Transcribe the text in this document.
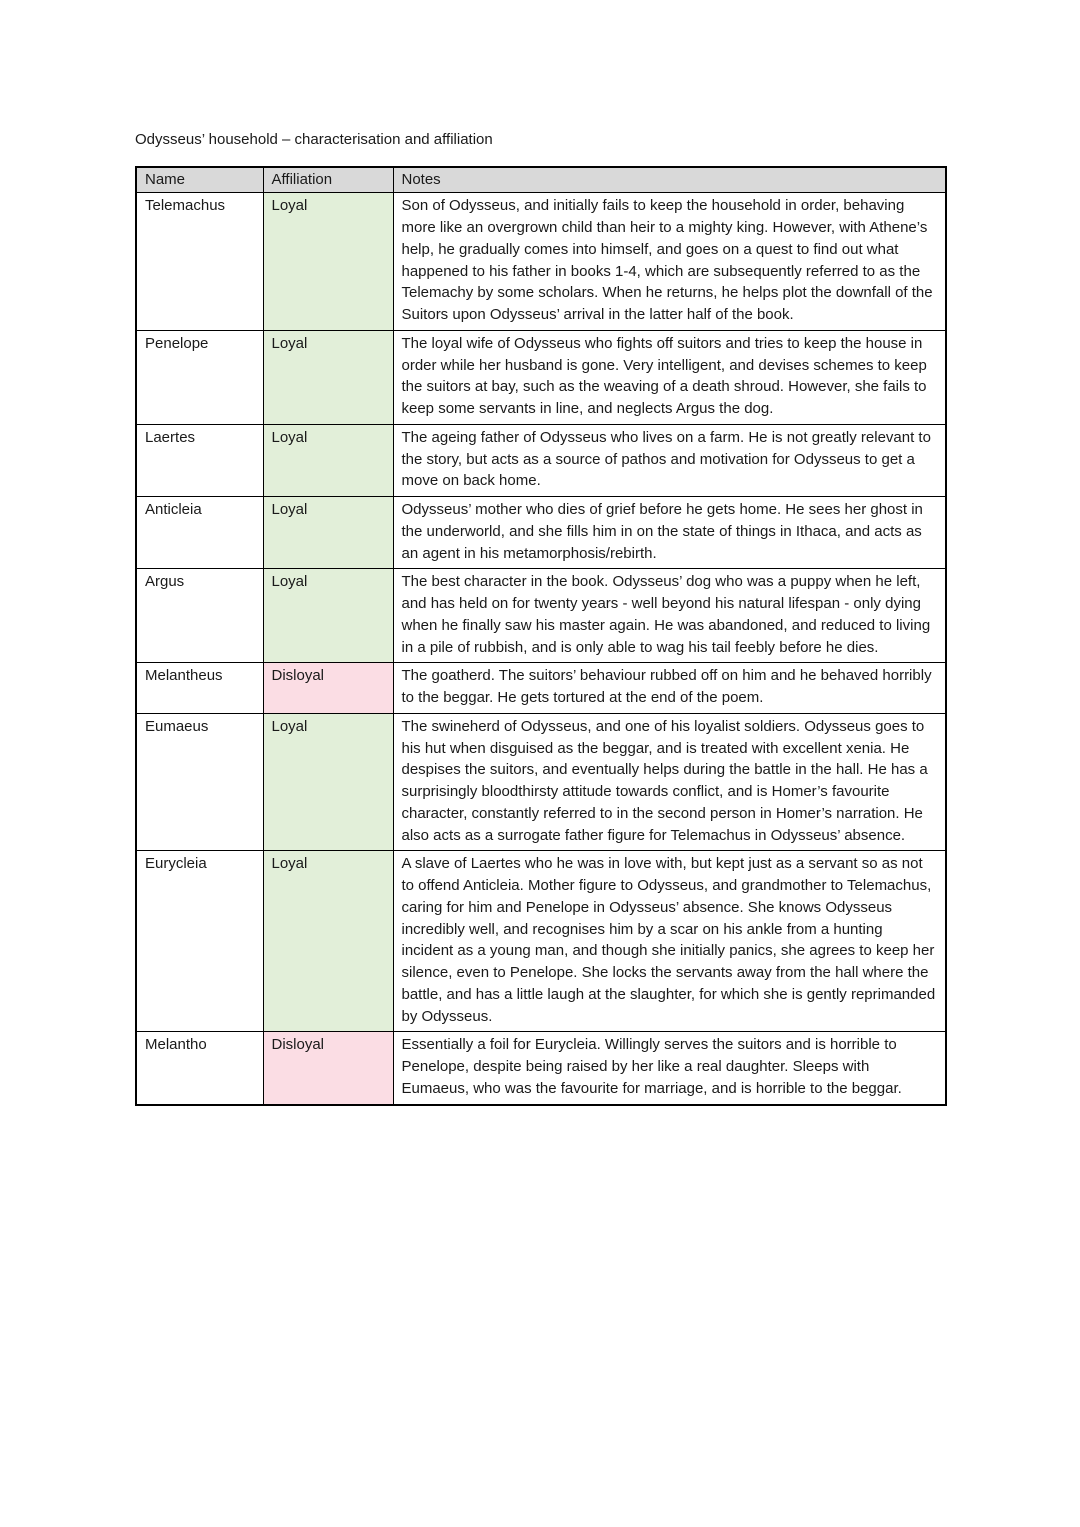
Odysseus’ household – characterisation and affiliation
Name	Affiliation	Notes
Telemachus	Loyal	Son of Odysseus, and initially fails to keep the household in order, behaving more like an overgrown child than heir to a mighty king. However, with Athene’s help, he gradually comes into himself, and goes on a quest to find out what happened to his father in books 1-4, which are subsequently referred to as the Telemachy by some scholars. When he returns, he helps plot the downfall of the Suitors upon Odysseus’ arrival in the latter half of the book.
Penelope	Loyal	The loyal wife of Odysseus who fights off suitors and tries to keep the house in order while her husband is gone. Very intelligent, and devises schemes to keep the suitors at bay, such as the weaving of a death shroud. However, she fails to keep some servants in line, and neglects Argus the dog.
Laertes	Loyal	The ageing father of Odysseus who lives on a farm. He is not greatly relevant to the story, but acts as a source of pathos and motivation for Odysseus to get a move on back home.
Anticleia	Loyal	Odysseus’ mother who dies of grief before he gets home. He sees her ghost in the underworld, and she fills him in on the state of things in Ithaca, and acts as an agent in his metamorphosis/rebirth.
Argus	Loyal	The best character in the book. Odysseus’ dog who was a puppy when he left, and has held on for twenty years - well beyond his natural lifespan - only dying when he finally saw his master again. He was abandoned, and reduced to living in a pile of rubbish, and is only able to wag his tail feebly before he dies.
Melantheus	Disloyal	The goatherd. The suitors’ behaviour rubbed off on him and he behaved horribly to the beggar. He gets tortured at the end of the poem.
Eumaeus	Loyal	The swineherd of Odysseus, and one of his loyalist soldiers. Odysseus goes to his hut when disguised as the beggar, and is treated with excellent xenia. He despises the suitors, and eventually helps during the battle in the hall. He has a surprisingly bloodthirsty attitude towards conflict, and is Homer’s favourite character, constantly referred to in the second person in Homer’s narration. He also acts as a surrogate father figure for Telemachus in Odysseus’ absence.
Eurycleia	Loyal	A slave of Laertes who he was in love with, but kept just as a servant so as not to offend Anticleia. Mother figure to Odysseus, and grandmother to Telemachus, caring for him and Penelope in Odysseus’ absence. She knows Odysseus incredibly well, and recognises him by a scar on his ankle from a hunting incident as a young man, and though she initially panics, she agrees to keep her silence, even to Penelope. She locks the servants away from the hall where the battle, and has a little laugh at the slaughter, for which she is gently reprimanded by Odysseus.
Melantho	Disloyal	Essentially a foil for Eurycleia. Willingly serves the suitors and is horrible to Penelope, despite being raised by her like a real daughter. Sleeps with Eumaeus, who was the favourite for marriage, and is horrible to the beggar.
